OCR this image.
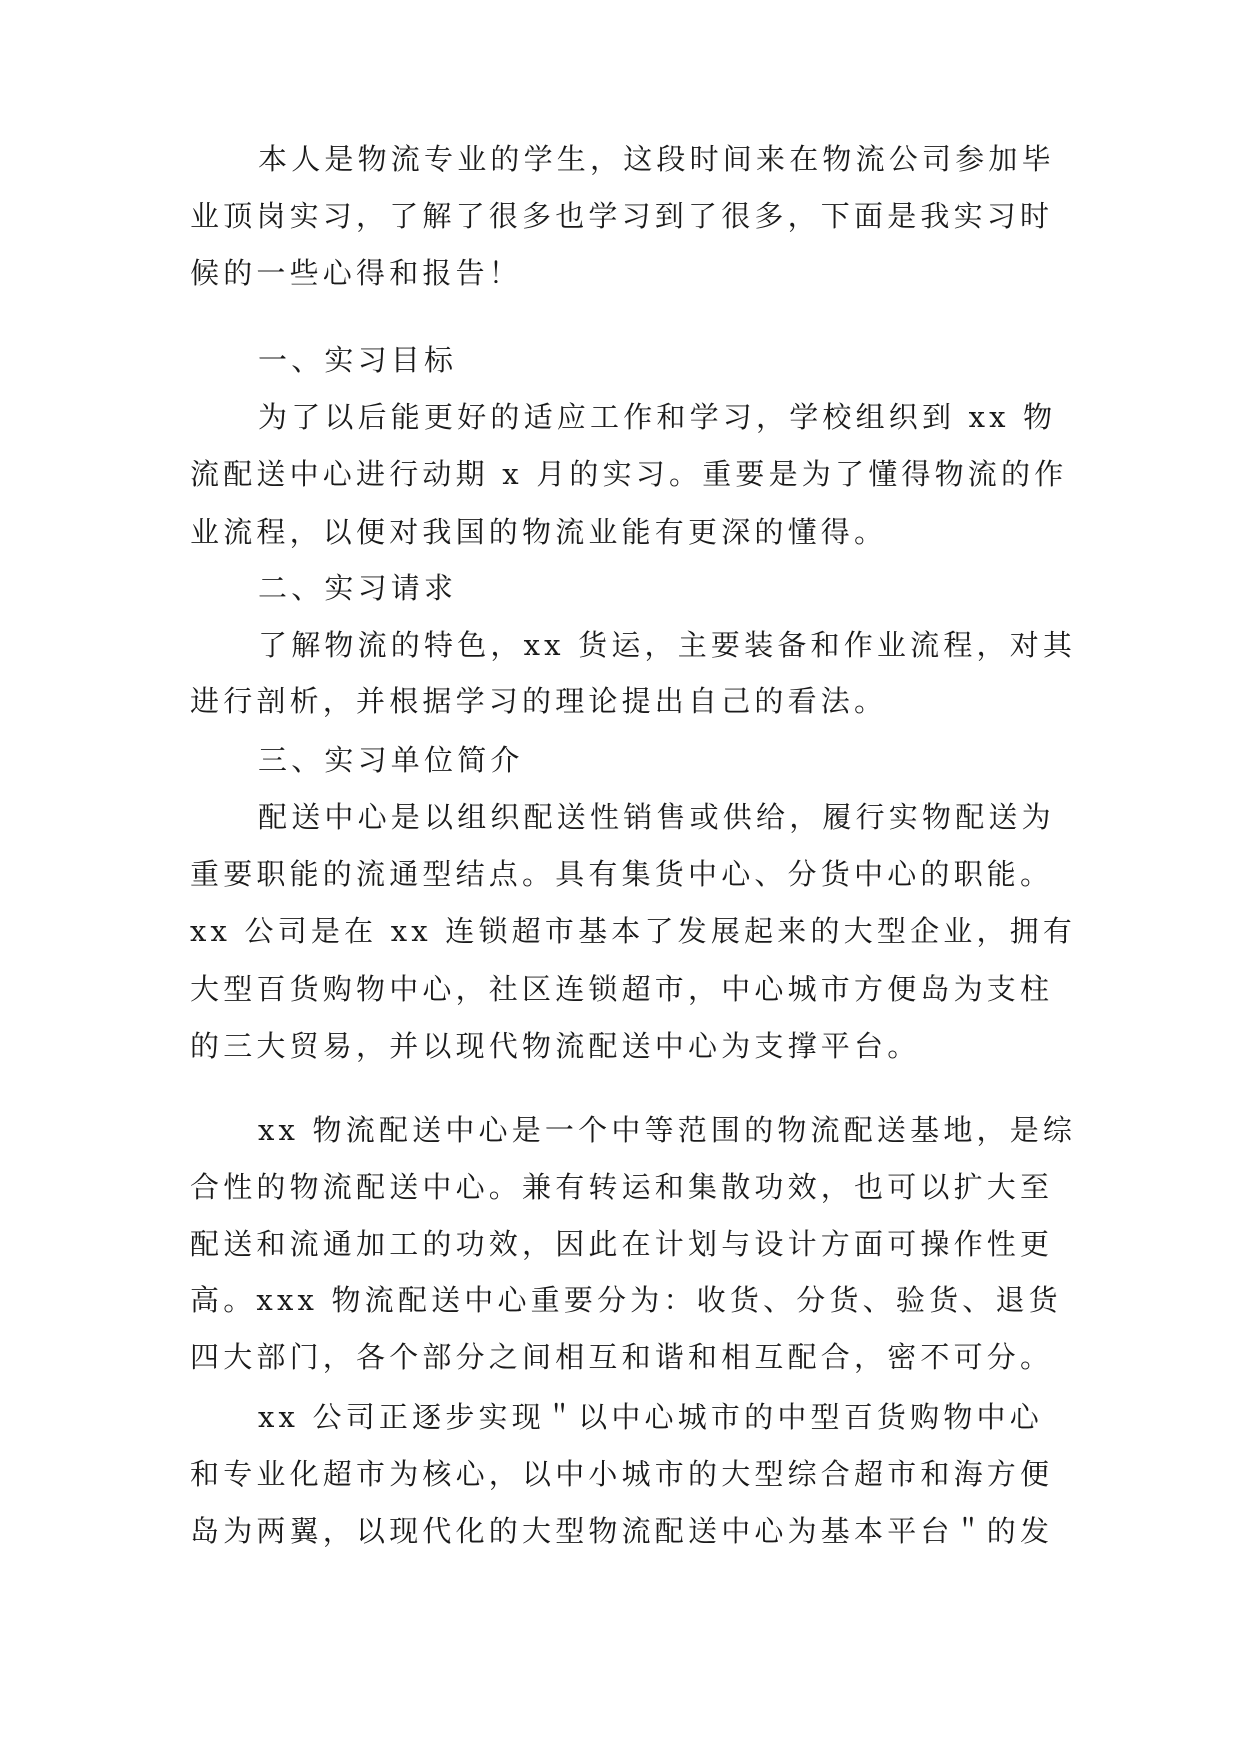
本人是物流专业的学生，这段时间来在物流公司参加毕
业顶岗实习，了解了很多也学习到了很多，下面是我实习时
候的一些心得和报告！
一、实习目标
为了以后能更好的适应工作和学习，学校组织到 xx 物
流配送中心进行动期 x 月的实习。重要是为了懂得物流的作
业流程，以便对我国的物流业能有更深的懂得。
二、实习请求
了解物流的特色，xx 货运，主要装备和作业流程，对其
进行剖析，并根据学习的理论提出自己的看法。
三、实习单位简介
配送中心是以组织配送性销售或供给，履行实物配送为
重要职能的流通型结点。具有集货中心、分货中心的职能。
xx 公司是在 xx 连锁超市基本了发展起来的大型企业，拥有
大型百货购物中心，社区连锁超市，中心城市方便岛为支柱
的三大贸易，并以现代物流配送中心为支撑平台。
xx 物流配送中心是一个中等范围的物流配送基地，是综
合性的物流配送中心。兼有转运和集散功效，也可以扩大至
配送和流通加工的功效，因此在计划与设计方面可操作性更
高。xxx 物流配送中心重要分为：收货、分货、验货、退货
四大部门，各个部分之间相互和谐和相互配合，密不可分。
xx 公司正逐步实现＂以中心城市的中型百货购物中心
和专业化超市为核心，以中小城市的大型综合超市和海方便
岛为两翼，以现代化的大型物流配送中心为基本平台＂的发
